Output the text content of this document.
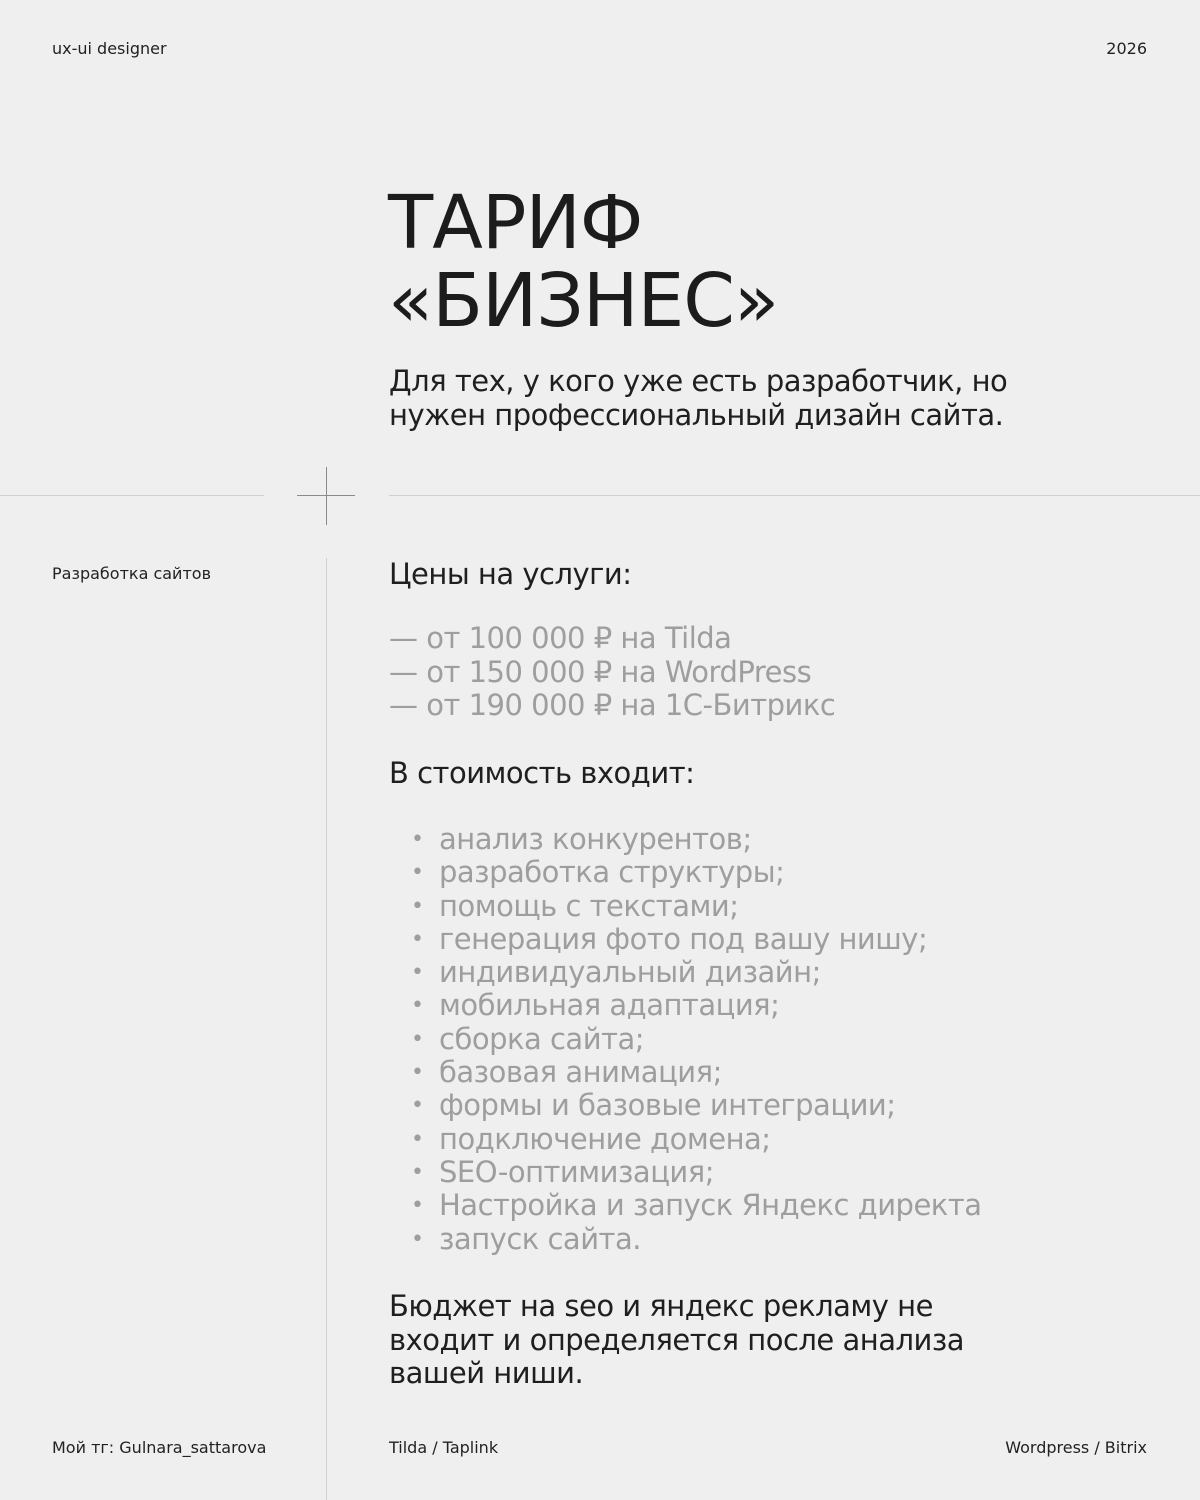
ux-ui designer	2026
ТАРИФ
«БИЗНЕС»
Для тех, у кого уже есть разработчик, но
нужен профессиональный дизайн сайта.
Разработка сайтов	Цены на услуги:
— от 100 000 ₽ на Tilda
— от 150 000 ₽ на WordPress
— от 190 000 ₽ на 1С-Битрикс
В стоимость входит:
• анализ конкурентов;
• разработка структуры;
• помощь с текстами;
• генерация фото под вашу нишу;
• индивидуальный дизайн;
• мобильная адаптация;
• сборка сайта;
• базовая анимация;
• формы и базовые интеграции;
• подключение домена;
• SEO-оптимизация;
• Настройка и запуск Яндекс директа
• запуск сайта.
Бюджет на seo и яндекс рекламу не
входит и определяется после анализа
вашей ниши.
Мой тг: Gulnara_sattarova	Tilda / Taplink	Wordpress / Bitrix
